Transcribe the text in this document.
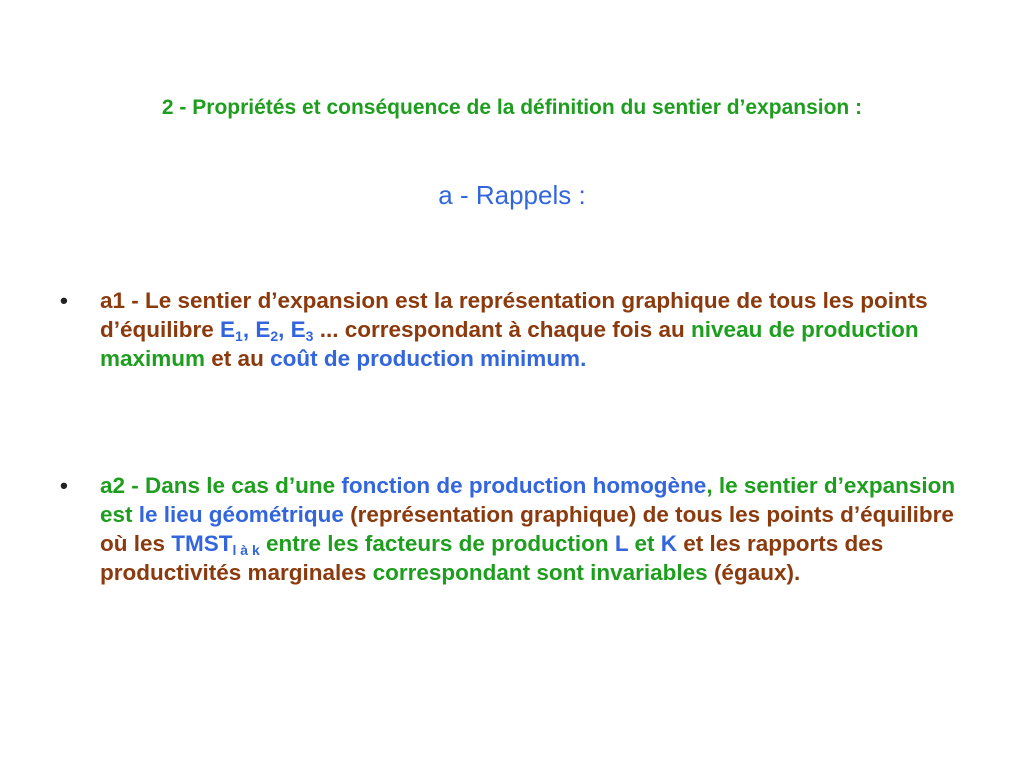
2 - Propriétés et conséquence de la définition du sentier d’expansion :
a - Rappels :
• a1 - Le sentier d’expansion est la représentation graphique de tous les points d’équilibre $E_1$, $E_2$, $E_3$ ... correspondant à chaque fois au niveau de production maximum et au coût de production minimum.
• a2 - Dans le cas d’une fonction de production homogène, le sentier d’expansion est le lieu géométrique (représentation graphique) de tous les points d’équilibre où les $TMST_{l à k}$ entre les facteurs de production L et K et les rapports des productivités marginales correspondant sont invariables (égaux).
